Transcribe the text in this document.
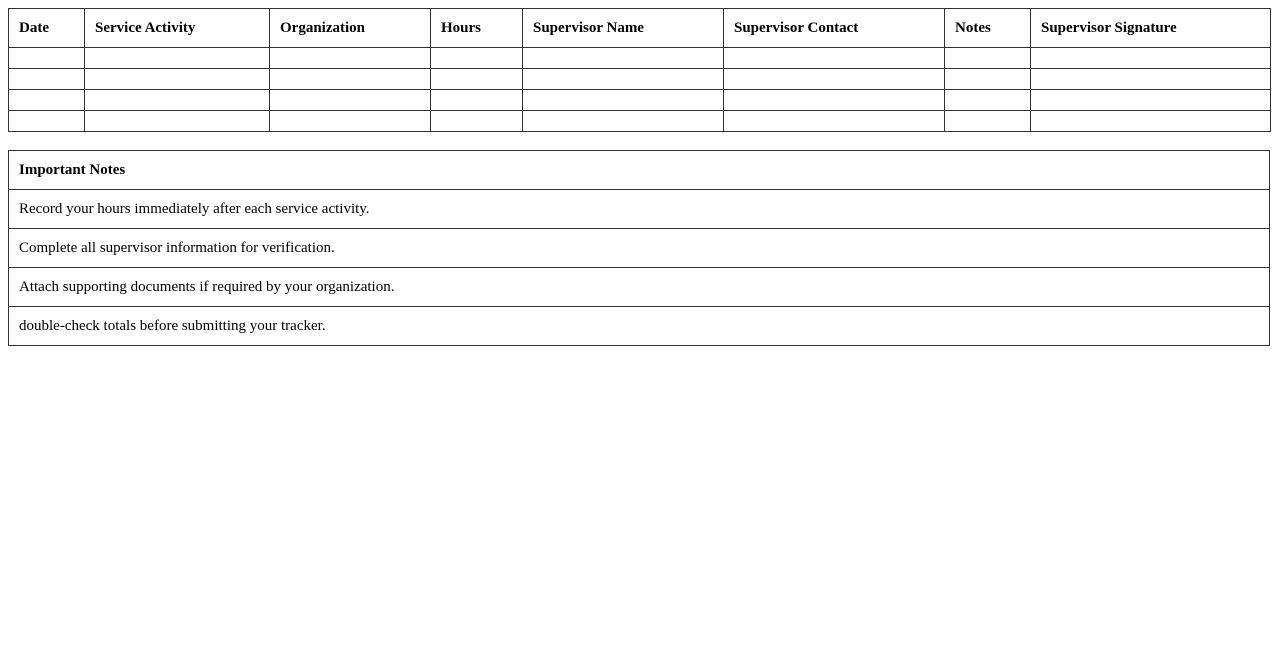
Date	Service Activity	Organization	Hours	Supervisor Name	Supervisor Contact	Notes	Supervisor Signature

Important Notes
Record your hours immediately after each service activity.
Complete all supervisor information for verification.
Attach supporting documents if required by your organization.
double-check totals before submitting your tracker.
